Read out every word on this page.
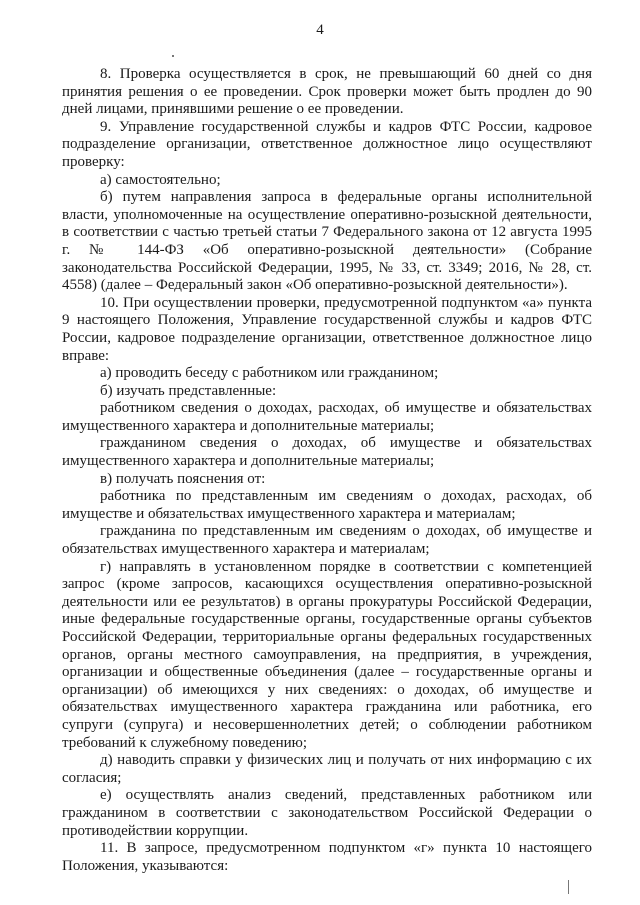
4

8. Проверка осуществляется в срок, не превышающий 60 дней со дня принятия решения о ее проведении. Срок проверки может быть продлен до 90 дней лицами, принявшими решение о ее проведении.

9. Управление государственной службы и кадров ФТС России, кадровое подразделение организации, ответственное должностное лицо осуществляют проверку:

а) самостоятельно;

б) путем направления запроса в федеральные органы исполнительной власти, уполномоченные на осуществление оперативно-розыскной деятельности, в соответствии с частью третьей статьи 7 Федерального закона от 12 августа 1995 г. № 144-ФЗ «Об оперативно-розыскной деятельности» (Собрание законодательства Российской Федерации, 1995, № 33, ст. 3349; 2016, № 28, ст. 4558) (далее – Федеральный закон «Об оперативно-розыскной деятельности»).

10. При осуществлении проверки, предусмотренной подпунктом «а» пункта 9 настоящего Положения, Управление государственной службы и кадров ФТС России, кадровое подразделение организации, ответственное должностное лицо вправе:

а) проводить беседу с работником или гражданином;

б) изучать представленные:

работником сведения о доходах, расходах, об имуществе и обязательствах имущественного характера и дополнительные материалы;

гражданином сведения о доходах, об имуществе и обязательствах имущественного характера и дополнительные материалы;

в) получать пояснения от:

работника по представленным им сведениям о доходах, расходах, об имуществе и обязательствах имущественного характера и материалам;

гражданина по представленным им сведениям о доходах, об имуществе и обязательствах имущественного характера и материалам;

г) направлять в установленном порядке в соответствии с компетенцией запрос (кроме запросов, касающихся осуществления оперативно-розыскной деятельности или ее результатов) в органы прокуратуры Российской Федерации, иные федеральные государственные органы, государственные органы субъектов Российской Федерации, территориальные органы федеральных государственных органов, органы местного самоуправления, на предприятия, в учреждения, организации и общественные объединения (далее – государственные органы и организации) об имеющихся у них сведениях: о доходах, об имуществе и обязательствах имущественного характера гражданина или работника, его супруги (супруга) и несовершеннолетних детей; о соблюдении работником требований к служебному поведению;

д) наводить справки у физических лиц и получать от них информацию с их согласия;

е) осуществлять анализ сведений, представленных работником или гражданином в соответствии с законодательством Российской Федерации о противодействии коррупции.

11. В запросе, предусмотренном подпунктом «г» пункта 10 настоящего Положения, указываются:
